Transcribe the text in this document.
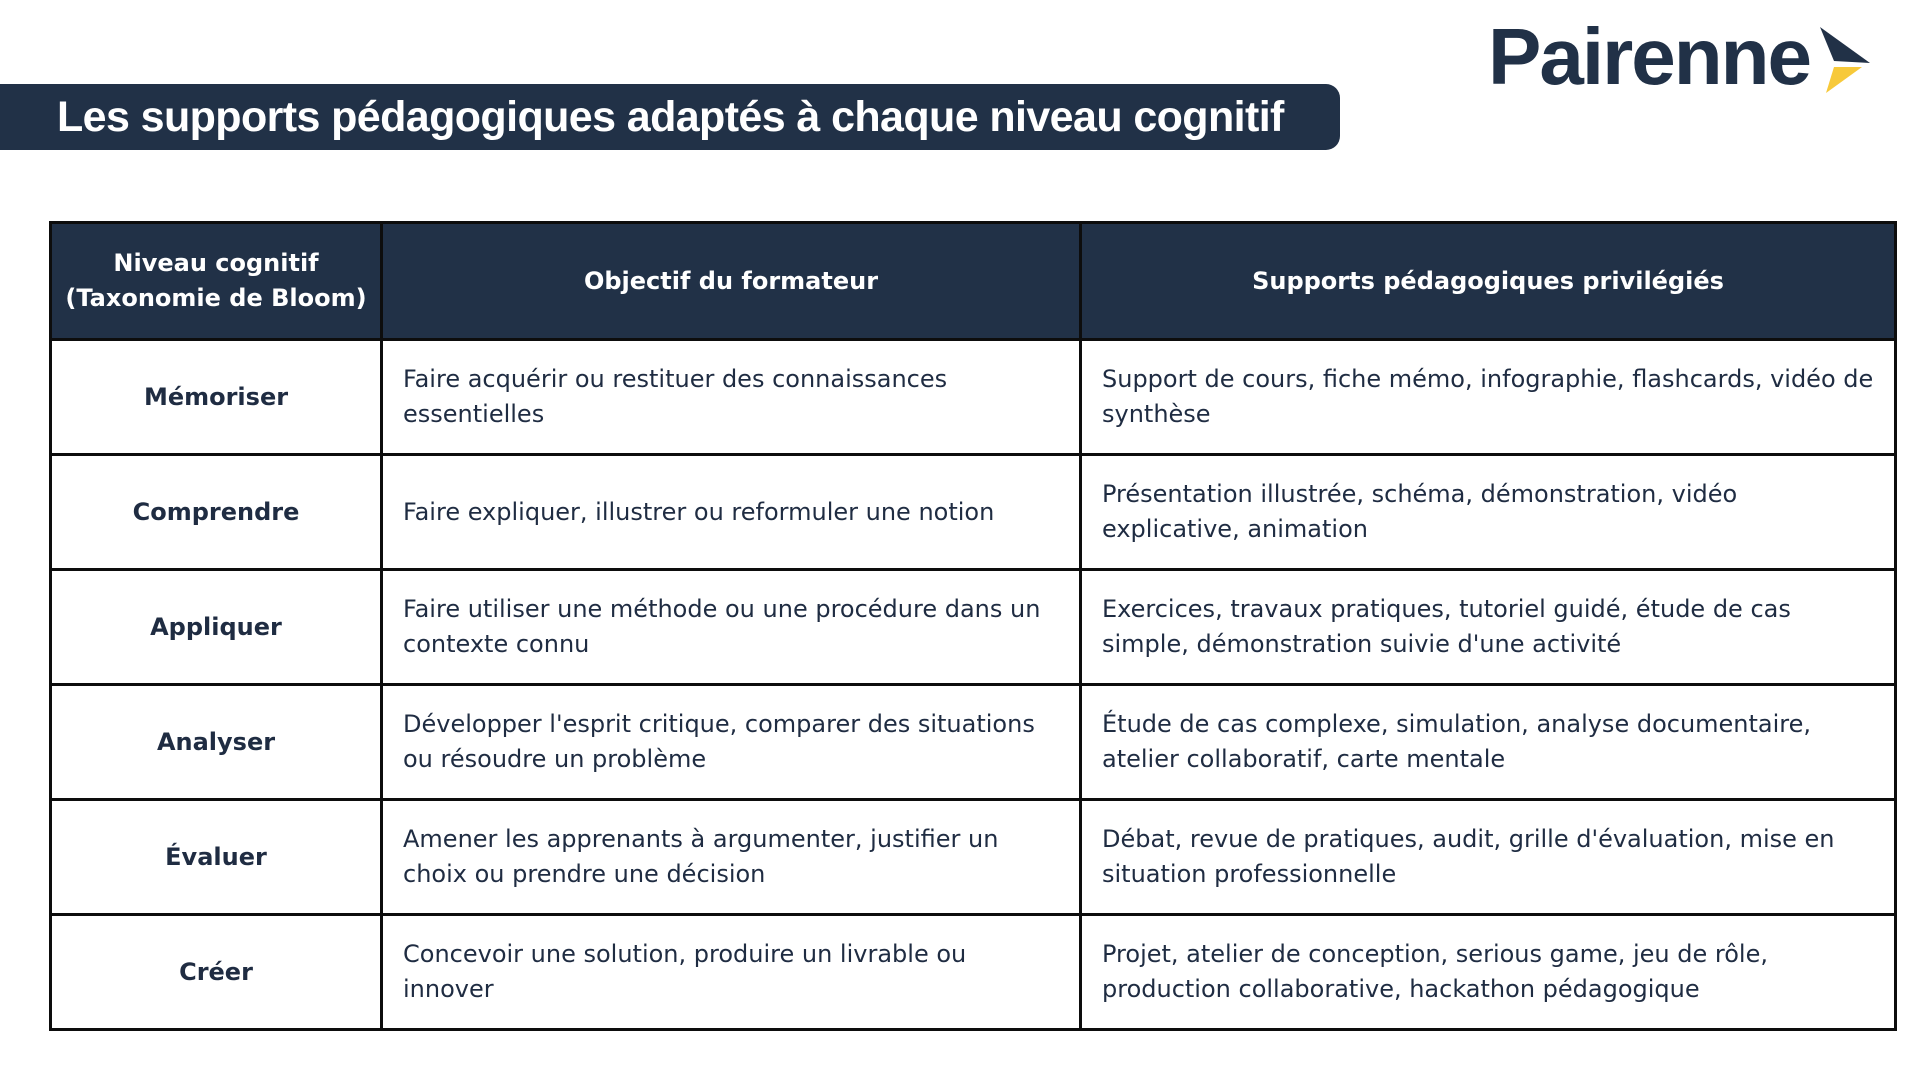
Les supports pédagogiques adaptés à chaque niveau cognitif
Pairenne
Niveau cognitif
(Taxonomie de Bloom)	Objectif du formateur	Supports pédagogiques privilégiés
Mémoriser	Faire acquérir ou restituer des connaissances essentielles	Support de cours, fiche mémo, infographie, flashcards, vidéo de synthèse
Comprendre	Faire expliquer, illustrer ou reformuler une notion	Présentation illustrée, schéma, démonstration, vidéo explicative, animation
Appliquer	Faire utiliser une méthode ou une procédure dans un contexte connu	Exercices, travaux pratiques, tutoriel guidé, étude de cas simple, démonstration suivie d'une activité
Analyser	Développer l'esprit critique, comparer des situations ou résoudre un problème	Étude de cas complexe, simulation, analyse documentaire, atelier collaboratif, carte mentale
Évaluer	Amener les apprenants à argumenter, justifier un choix ou prendre une décision	Débat, revue de pratiques, audit, grille d'évaluation, mise en situation professionnelle
Créer	Concevoir une solution, produire un livrable ou innover	Projet, atelier de conception, serious game, jeu de rôle, production collaborative, hackathon pédagogique
